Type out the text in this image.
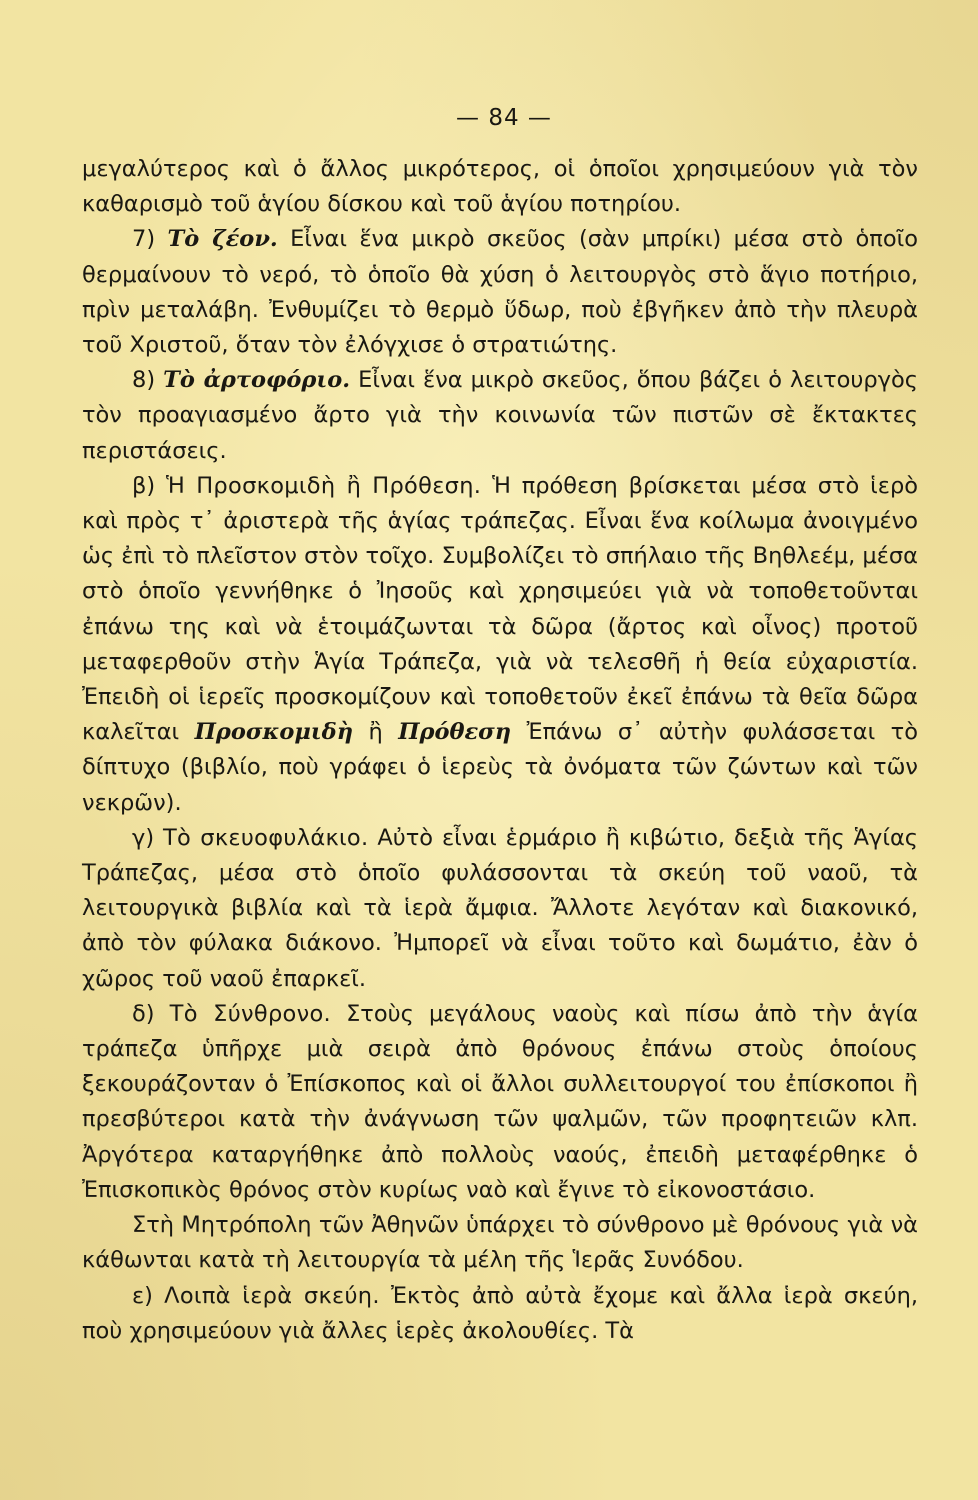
— 84 —

μεγαλύτερος καὶ ὁ ἄλλος μικρότερος, οἱ ὁποῖοι χρησιμεύουν γιὰ τὸν καθαρισμὸ τοῦ ἁγίου δίσκου καὶ τοῦ ἁγίου ποτηρίου.

7) Τὸ ζέον. Εἶναι ἕνα μικρὸ σκεῦος (σὰν μπρίκι) μέσα στὸ ὁποῖο θερμαίνουν τὸ νερό, τὸ ὁποῖο θὰ χύση ὁ λειτουργὸς στὸ ἅγιο ποτήριο, πρὶν μεταλάβη. Ἐνθυμίζει τὸ θερμὸ ὕδωρ, ποὺ ἐβγῆκεν ἀπὸ τὴν πλευρὰ τοῦ Χριστοῦ, ὅταν τὸν ἐλόγχισε ὁ στρατιώτης.

8) Τὸ ἀρτοφόριο. Εἶναι ἕνα μικρὸ σκεῦος, ὅπου βάζει ὁ λειτουργὸς τὸν προαγιασμένο ἄρτο γιὰ τὴν κοινωνία τῶν πιστῶν σὲ ἔκτακτες περιστάσεις.

β) Ἡ Προσκομιδὴ ἢ Πρόθεση. Ἡ πρόθεση βρίσκεται μέσα στὸ ἱερὸ καὶ πρὸς τ᾽ ἀριστερὰ τῆς ἁγίας τράπεζας. Εἶναι ἕνα κοίλωμα ἀνοιγμένο ὡς ἐπὶ τὸ πλεῖστον στὸν τοῖχο. Συμβολίζει τὸ σπήλαιο τῆς Βηθλεέμ, μέσα στὸ ὁποῖο γεννήθηκε ὁ Ἰησοῦς καὶ χρησιμεύει γιὰ νὰ τοποθετοῦνται ἐπάνω της καὶ νὰ ἑτοιμάζωνται τὰ δῶρα (ἄρτος καὶ οἶνος) προτοῦ μεταφερθοῦν στὴν Ἁγία Τράπεζα, γιὰ νὰ τελεσθῆ ἡ θεία εὐχαριστία. Ἐπειδὴ οἱ ἱερεῖς προσκομίζουν καὶ τοποθετοῦν ἐκεῖ ἐπάνω τὰ θεῖα δῶρα καλεῖται Προσκομιδὴ ἢ Πρόθεση Ἐπάνω σ᾽ αὐτὴν φυλάσσεται τὸ δίπτυχο (βιβλίο, ποὺ γράφει ὁ ἱερεὺς τὰ ὀνόματα τῶν ζώντων καὶ τῶν νεκρῶν).

γ) Τὸ σκευοφυλάκιο. Αὐτὸ εἶναι ἑρμάριο ἢ κιβώτιο, δεξιὰ τῆς Ἁγίας Τράπεζας, μέσα στὸ ὁποῖο φυλάσσονται τὰ σκεύη τοῦ ναοῦ, τὰ λειτουργικὰ βιβλία καὶ τὰ ἱερὰ ἄμφια. Ἄλλοτε λεγόταν καὶ διακονικό, ἀπὸ τὸν φύλακα διάκονο. Ἠμπορεῖ νὰ εἶναι τοῦτο καὶ δωμάτιο, ἐὰν ὁ χῶρος τοῦ ναοῦ ἐπαρκεῖ.

δ) Τὸ Σύνθρονο. Στοὺς μεγάλους ναοὺς καὶ πίσω ἀπὸ τὴν ἁγία τράπεζα ὑπῆρχε μιὰ σειρὰ ἀπὸ θρόνους ἐπάνω στοὺς ὁποίους ξεκουράζονταν ὁ Ἐπίσκοπος καὶ οἱ ἄλλοι συλλειτουργοί του ἐπίσκοποι ἢ πρεσβύτεροι κατὰ τὴν ἀνάγνωση τῶν ψαλμῶν, τῶν προφητειῶν κλπ. Ἀργότερα καταργήθηκε ἀπὸ πολλοὺς ναούς, ἐπειδὴ μεταφέρθηκε ὁ Ἐπισκοπικὸς θρόνος στὸν κυρίως ναὸ καὶ ἔγινε τὸ εἰκονοστάσιο.

Στὴ Μητρόπολη τῶν Ἀθηνῶν ὑπάρχει τὸ σύνθρονο μὲ θρόνους γιὰ νὰ κάθωνται κατὰ τὴ λειτουργία τὰ μέλη τῆς Ἱερᾶς Συνόδου.

ε) Λοιπὰ ἱερὰ σκεύη. Ἐκτὸς ἀπὸ αὐτὰ ἔχομε καὶ ἄλλα ἱερὰ σκεύη, ποὺ χρησιμεύουν γιὰ ἄλλες ἱερὲς ἀκολουθίες. Τὰ
